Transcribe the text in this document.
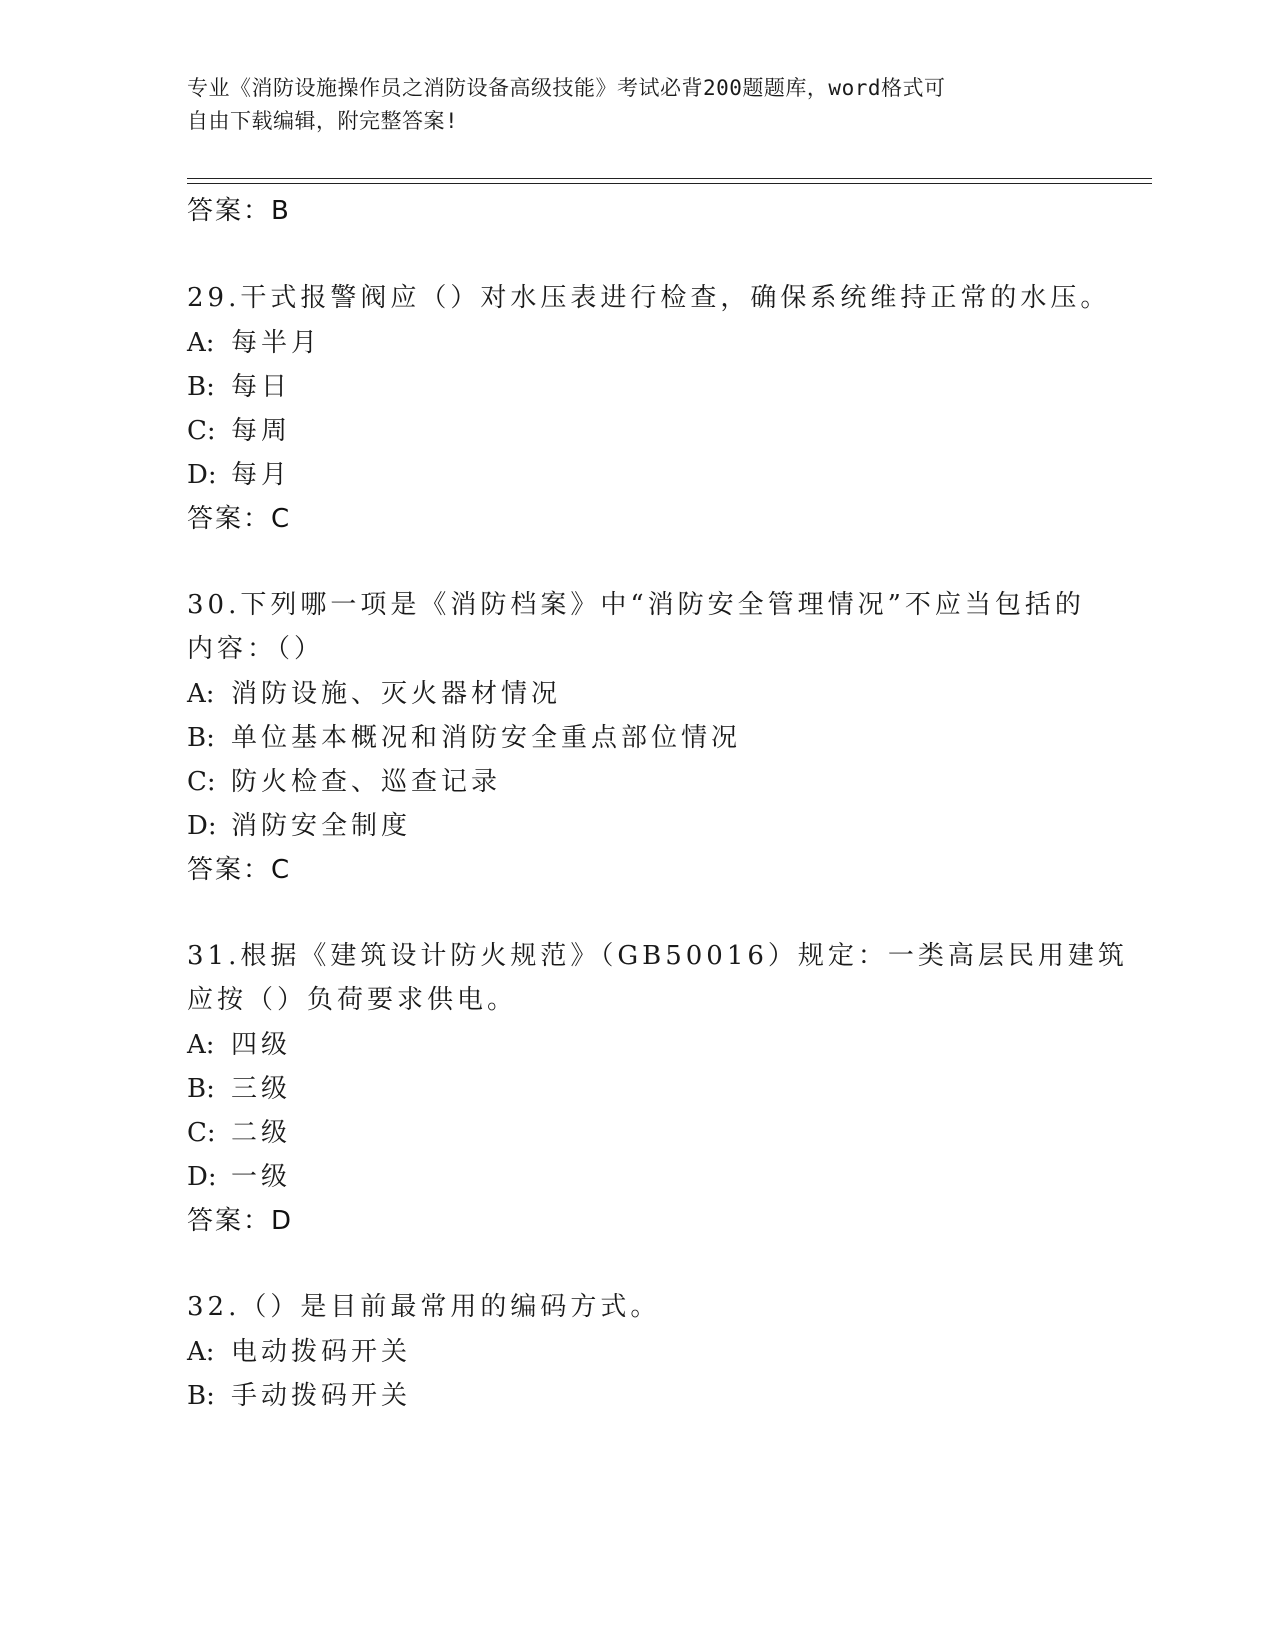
专业《消防设施操作员之消防设备高级技能》考试必背200题题库，word格式可
自由下载编辑，附完整答案!
答案：B
29.干式报警阀应（）对水压表进行检查，确保系统维持正常的水压。
A: 每半月
B: 每日
C: 每周
D: 每月
答案：C
30.下列哪一项是《消防档案》中“消防安全管理情况”不应当包括的
内容：（）
A: 消防设施、灭火器材情况
B: 单位基本概况和消防安全重点部位情况
C: 防火检查、巡查记录
D: 消防安全制度
答案：C
31.根据《建筑设计防火规范》（GB50016）规定：一类高层民用建筑
应按（）负荷要求供电。
A: 四级
B: 三级
C: 二级
D: 一级
答案：D
32.（）是目前最常用的编码方式。
A: 电动拨码开关
B: 手动拨码开关
